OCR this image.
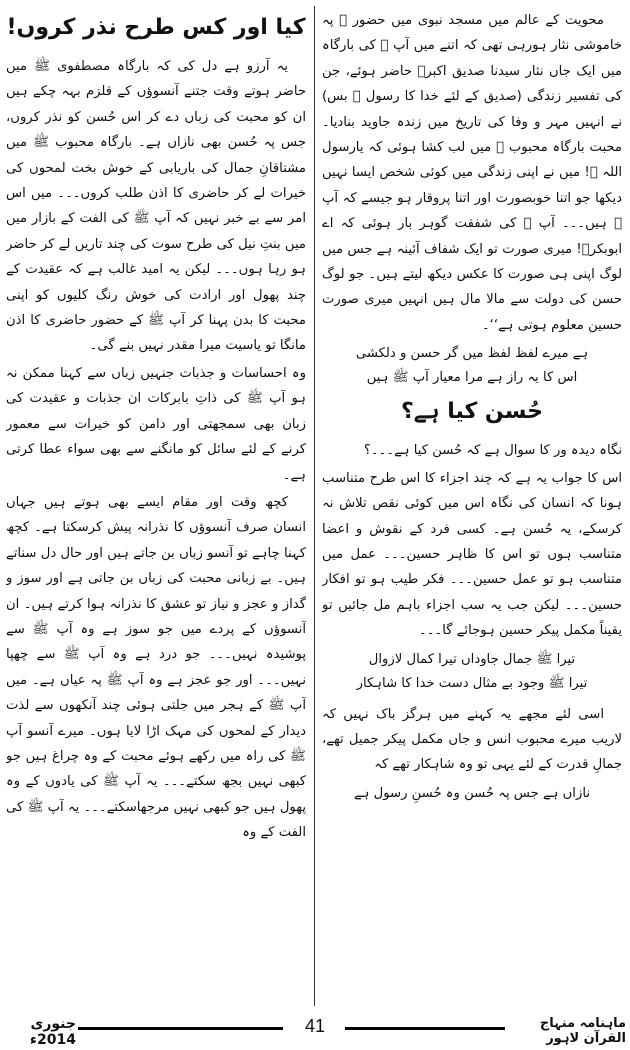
محویت کے عالم میں مسجد نبوی میں حضور ﷺ پہ خاموشی نثار ہورہی تھی کہ اتنے میں آپ ﷺ کی بارگاہ میں ایک جاں نثار سیدنا صدیق اکبرؓ حاضر ہوئے، جن کی تفسیر زندگی (صدیق کے لئے خدا کا رسول ﷺ بس) نے انہیں مہر و وفا کی تاریخ میں زندہ جاوید بنادیا۔ محبت بارگاہ محبوب ﷺ میں لب کشا ہوئی کہ یارسول اللہ ﷺ! میں نے اپنی زندگی میں کوئی شخص ایسا نہیں دیکھا جو اتنا خوبصورت اور اتنا پروقار ہو جیسے کہ آپ ﷺ ہیں۔۔۔ آپ ﷺ کی شفقت گوہر بار ہوئی کہ اے ابوبکرؓ! میری صورت تو ایک شفاف آئینہ ہے جس میں لوگ اپنی ہی صورت کا عکس دیکھ لیتے ہیں۔ جو لوگ حسن کی دولت سے مالا مال ہیں انہیں میری صورت حسین معلوم ہوتی ہے‘‘۔

ہے میرے لفظ لفظ میں گر حسن و دلکشی
اس کا یہ راز ہے مرا معیار آپ ﷺ ہیں
حُسن کیا ہے؟

نگاہ دیدہ ور کا سوال ہے کہ حُسن کیا ہے۔۔۔؟

اس کا جواب یہ ہے کہ چند اجزاء کا اس طرح متناسب ہونا کہ انسان کی نگاہ اس میں کوئی نقص تلاش نہ کرسکے، یہ حُسن ہے۔ کسی فرد کے نقوش و اعضا متناسب ہوں تو اس کا ظاہر حسین۔۔۔ عمل میں متناسب ہو تو عمل حسین۔۔۔ فکر طیب ہو تو افکار حسین۔۔۔ لیکن جب یہ سب اجزاء باہم مل جائیں تو یقیناً مکمل پیکر حسین ہوجائے گا۔۔۔

تیرا ﷺ جمال جاوداں تیرا کمال لازوال
تیرا ﷺ وجود بے مثال دست خدا کا شاہکار

اسی لئے مجھے یہ کہنے میں ہرگز باک نہیں کہ لاریب میرے محبوب انس و جاں مکمل پیکر جمیل تھے، جمالِ قدرت کے لئے یہی تو وہ شاہکار تھے کہ

نازاں ہے جس پہ حُسن وہ حُسنِ رسول ہے
کیا اور کس طرح نذر کروں!

یہ آرزو ہے دل کی کہ بارگاہ مصطفوی ﷺ میں حاضر ہوتے وقت جتنے آنسوؤں کے قلزم بہہ چکے ہیں ان کو محبت کی زباں دے کر اس حُسن کو نذر کروں، جس پہ حُسن بھی نازاں ہے۔ بارگاہ محبوب ﷺ میں مشتاقانِ جمال کی باریابی کے خوش بخت لمحوں کی خیرات لے کر حاضری کا اذن طلب کروں۔۔۔ میں اس امر سے بے خبر نہیں کہ آپ ﷺ کی الفت کے بازار میں میں بنتِ نیل کی طرح سوت کی چند تاریں لے کر حاضر ہو رہا ہوں۔۔۔ لیکن یہ امید غالب ہے کہ عقیدت کے چند پھول اور ارادت کی خوش رنگ کلیوں کو اپنی محبت کا بدن پہنا کر آپ ﷺ کے حضور حاضری کا اذن مانگا تو یاسیت میرا مقدر نہیں بنے گی۔

وہ احساسات و جذبات جنہیں زباں سے کہنا ممکن نہ ہو آپ ﷺ کی ذاتِ بابرکات ان جذبات و عقیدت کی زبان بھی سمجھتی اور دامن کو خیرات سے معمور کرنے کے لئے سائل کو مانگنے سے بھی سواء عطا کرتی ہے۔

کچھ وقت اور مقام ایسے بھی ہوتے ہیں جہاں انسان صرف آنسوؤں کا نذرانہ پیش کرسکتا ہے۔ کچھ کہنا چاہے تو آنسو زباں بن جاتے ہیں اور حال دل سناتے ہیں۔ بے زبانی محبت کی زباں بن جاتی ہے اور سوز و گداز و عجز و نیاز تو عشق کا نذرانہ ہوا کرتے ہیں۔ ان آنسوؤں کے پردے میں جو سوز ہے وہ آپ ﷺ سے پوشیدہ نہیں۔۔۔ جو درد ہے وہ آپ ﷺ سے چھپا نہیں۔۔۔ اور جو عجز ہے وہ آپ ﷺ پہ عیاں ہے۔ میں آپ ﷺ کے ہجر میں جلتی ہوئی چند آنکھوں سے لذت دیدار کے لمحوں کی مہک اڑا لایا ہوں۔ میرے آنسو آپ ﷺ کی راہ میں رکھے ہوئے محبت کے وہ چراغ ہیں جو کبھی نہیں بجھ سکتے۔۔۔ یہ آپ ﷺ کی یادوں کے وہ پھول ہیں جو کبھی نہیں مرجھاسکتے۔۔۔ یہ آپ ﷺ کی الفت کے وہ

جنوری 2014ء
41	ماہنامہ منہاج القرآن لاہور
